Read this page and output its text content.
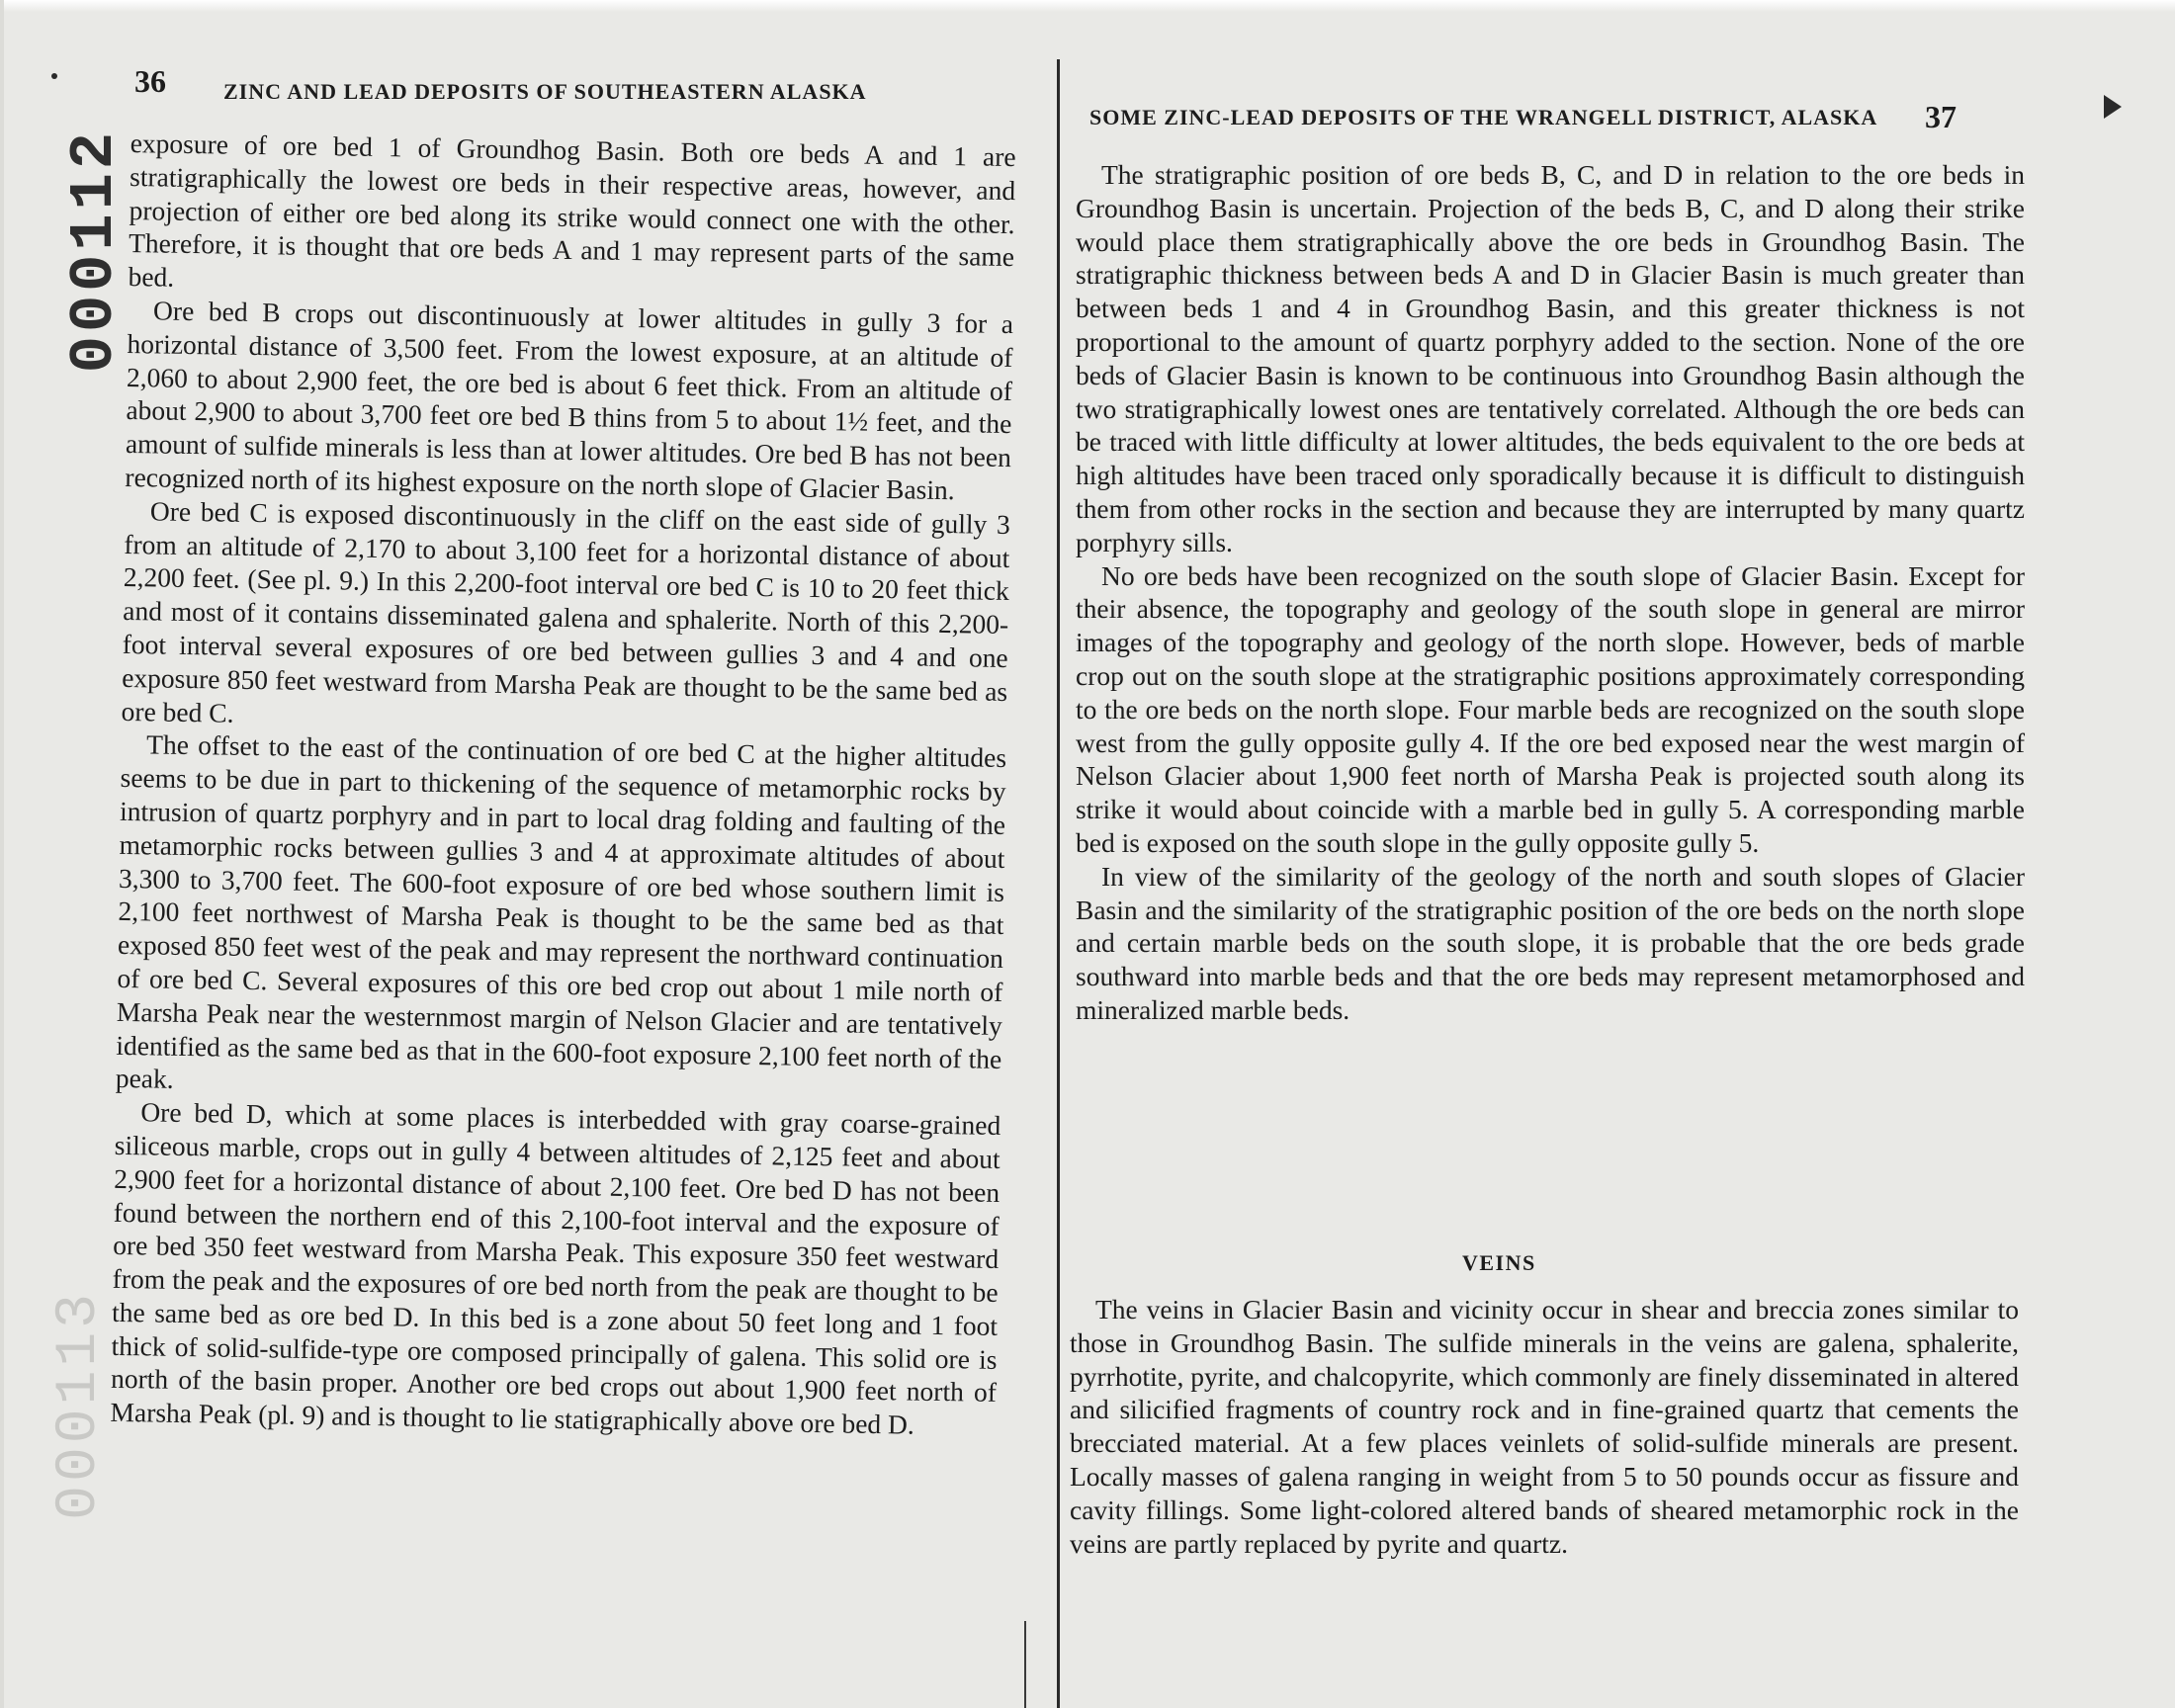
000112
000113
36	ZINC AND LEAD DEPOSITS OF SOUTHEASTERN ALASKA

exposure of ore bed 1 of Groundhog Basin. Both ore beds A and 1 are stratigraphically the lowest ore beds in their respective areas, however, and projection of either ore bed along its strike would connect one with the other. Therefore, it is thought that ore beds A and 1 may represent parts of the same bed.

Ore bed B crops out discontinuously at lower altitudes in gully 3 for a horizontal distance of 3,500 feet. From the lowest exposure, at an altitude of 2,060 to about 2,900 feet, the ore bed is about 6 feet thick. From an altitude of about 2,900 to about 3,700 feet ore bed B thins from 5 to about 1½ feet, and the amount of sulfide minerals is less than at lower altitudes. Ore bed B has not been recognized north of its highest exposure on the north slope of Glacier Basin.

Ore bed C is exposed discontinuously in the cliff on the east side of gully 3 from an altitude of 2,170 to about 3,100 feet for a horizontal distance of about 2,200 feet. (See pl. 9.) In this 2,200-foot interval ore bed C is 10 to 20 feet thick and most of it contains disseminated galena and sphalerite. North of this 2,200-foot interval several exposures of ore bed between gullies 3 and 4 and one exposure 850 feet westward from Marsha Peak are thought to be the same bed as ore bed C.

The offset to the east of the continuation of ore bed C at the higher altitudes seems to be due in part to thickening of the sequence of metamorphic rocks by intrusion of quartz porphyry and in part to local drag folding and faulting of the metamorphic rocks between gullies 3 and 4 at approximate altitudes of about 3,300 to 3,700 feet. The 600-foot exposure of ore bed whose southern limit is 2,100 feet northwest of Marsha Peak is thought to be the same bed as that exposed 850 feet west of the peak and may represent the northward continuation of ore bed C. Several exposures of this ore bed crop out about 1 mile north of Marsha Peak near the westernmost margin of Nelson Glacier and are tentatively identified as the same bed as that in the 600-foot exposure 2,100 feet north of the peak.

Ore bed D, which at some places is interbedded with gray coarse-grained siliceous marble, crops out in gully 4 between altitudes of 2,125 feet and about 2,900 feet for a horizontal distance of about 2,100 feet. Ore bed D has not been found between the northern end of this 2,100-foot interval and the exposure of ore bed 350 feet westward from Marsha Peak. This exposure 350 feet westward from the peak and the exposures of ore bed north from the peak are thought to be the same bed as ore bed D. In this bed is a zone about 50 feet long and 1 foot thick of solid-sulfide-type ore composed principally of galena. This solid ore is north of the basin proper. Another ore bed crops out about 1,900 feet north of Marsha Peak (pl. 9) and is thought to lie statigraphically above ore bed D.

SOME ZINC-LEAD DEPOSITS OF THE WRANGELL DISTRICT, ALASKA 37

The stratigraphic position of ore beds B, C, and D in relation to the ore beds in Groundhog Basin is uncertain. Projection of the beds B, C, and D along their strike would place them stratigraphically above the ore beds in Groundhog Basin. The stratigraphic thickness between beds A and D in Glacier Basin is much greater than between beds 1 and 4 in Groundhog Basin, and this greater thickness is not proportional to the amount of quartz porphyry added to the section. None of the ore beds of Glacier Basin is known to be continuous into Groundhog Basin although the two stratigraphically lowest ones are tentatively correlated. Although the ore beds can be traced with little difficulty at lower altitudes, the beds equivalent to the ore beds at high altitudes have been traced only sporadically because it is difficult to distinguish them from other rocks in the section and because they are interrupted by many quartz porphyry sills.

No ore beds have been recognized on the south slope of Glacier Basin. Except for their absence, the topography and geology of the south slope in general are mirror images of the topography and geology of the north slope. However, beds of marble crop out on the south slope at the stratigraphic positions approximately corresponding to the ore beds on the north slope. Four marble beds are recognized on the south slope west from the gully opposite gully 4. If the ore bed exposed near the west margin of Nelson Glacier about 1,900 feet north of Marsha Peak is projected south along its strike it would about coincide with a marble bed in gully 5. A corresponding marble bed is exposed on the south slope in the gully opposite gully 5.

In view of the similarity of the geology of the north and south slopes of Glacier Basin and the similarity of the stratigraphic position of the ore beds on the north slope and certain marble beds on the south slope, it is probable that the ore beds grade southward into marble beds and that the ore beds may represent metamorphosed and mineralized marble beds.

VEINS

The veins in Glacier Basin and vicinity occur in shear and breccia zones similar to those in Groundhog Basin. The sulfide minerals in the veins are galena, sphalerite, pyrrhotite, pyrite, and chalcopyrite, which commonly are finely disseminated in altered and silicified fragments of country rock and in fine-grained quartz that cements the brecciated material. At a few places veinlets of solid-sulfide minerals are present. Locally masses of galena ranging in weight from 5 to 50 pounds occur as fissure and cavity fillings. Some light-colored altered bands of sheared metamorphic rock in the veins are partly replaced by pyrite and quartz.
